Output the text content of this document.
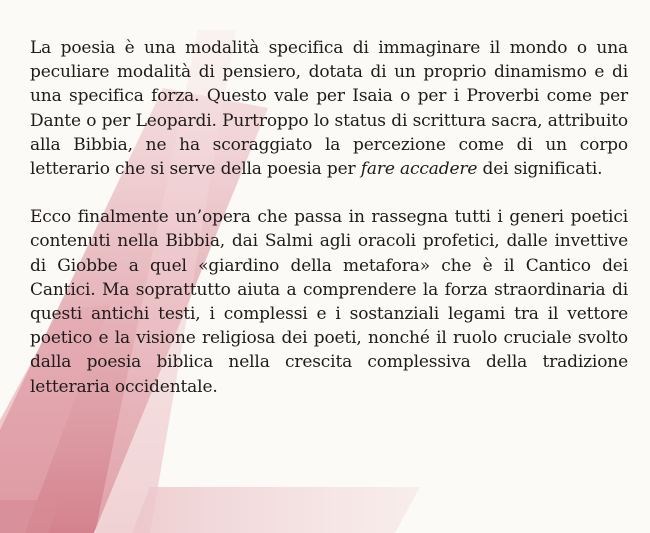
La poesia è una modalità specifica di immaginare il mondo o una peculiare modalità di pensiero, dotata di un proprio dinamismo e di una specifica forza. Questo vale per Isaia o per i Proverbi come per Dante o per Leopardi. Purtroppo lo status di scrittura sacra, attribuito alla Bibbia, ne ha scoraggiato la percezione come di un corpo letterario che si serve della poesia per fare accadere dei significati.

Ecco finalmente un’opera che passa in rassegna tutti i generi poetici contenuti nella Bibbia, dai Salmi agli oracoli profetici, dalle invettive di Giobbe a quel «giardino della metafora» che è il Cantico dei Cantici. Ma soprattutto aiuta a comprendere la forza straordinaria di questi antichi testi, i complessi e i sostanziali legami tra il vettore poetico e la visione religiosa dei poeti, nonché il ruolo cruciale svolto dalla poesia biblica nella crescita complessiva della tradizione letteraria occidentale.
